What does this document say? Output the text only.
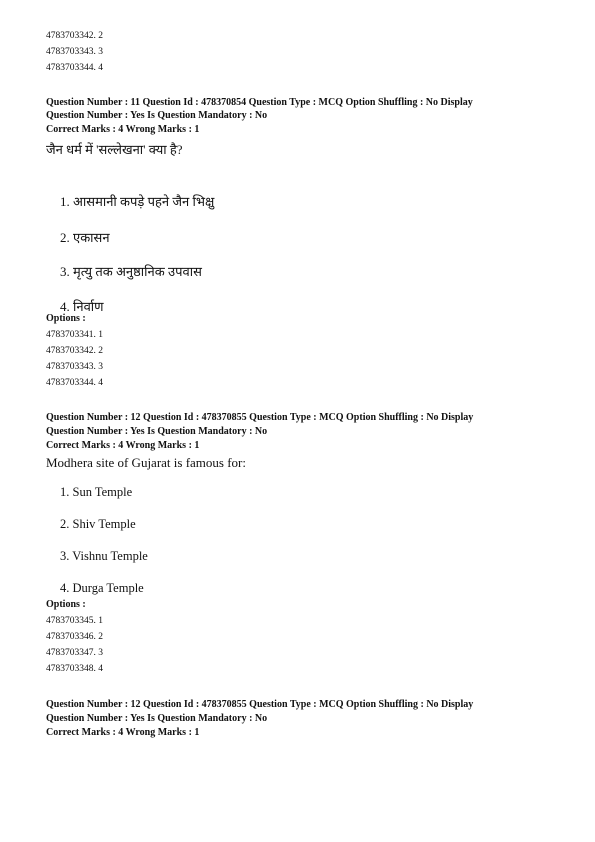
4783703342. 2
4783703343. 3
4783703344. 4
Question Number : 11 Question Id : 478370854 Question Type : MCQ Option Shuffling : No Display
Question Number : Yes Is Question Mandatory : No
Correct Marks : 4 Wrong Marks : 1
जैन धर्म में 'सल्लेखना' क्या है?
1. आसमानी कपड़े पहने जैन भिक्षु
2. एकासन
3. मृत्यु तक अनुष्ठानिक उपवास
4. निर्वाण
Options :
4783703341. 1
4783703342. 2
4783703343. 3
4783703344. 4
Question Number : 12 Question Id : 478370855 Question Type : MCQ Option Shuffling : No Display
Question Number : Yes Is Question Mandatory : No
Correct Marks : 4 Wrong Marks : 1
Modhera site of Gujarat is famous for:
1. Sun Temple
2. Shiv Temple
3. Vishnu Temple
4. Durga Temple
Options :
4783703345. 1
4783703346. 2
4783703347. 3
4783703348. 4
Question Number : 12 Question Id : 478370855 Question Type : MCQ Option Shuffling : No Display
Question Number : Yes Is Question Mandatory : No
Correct Marks : 4 Wrong Marks : 1
